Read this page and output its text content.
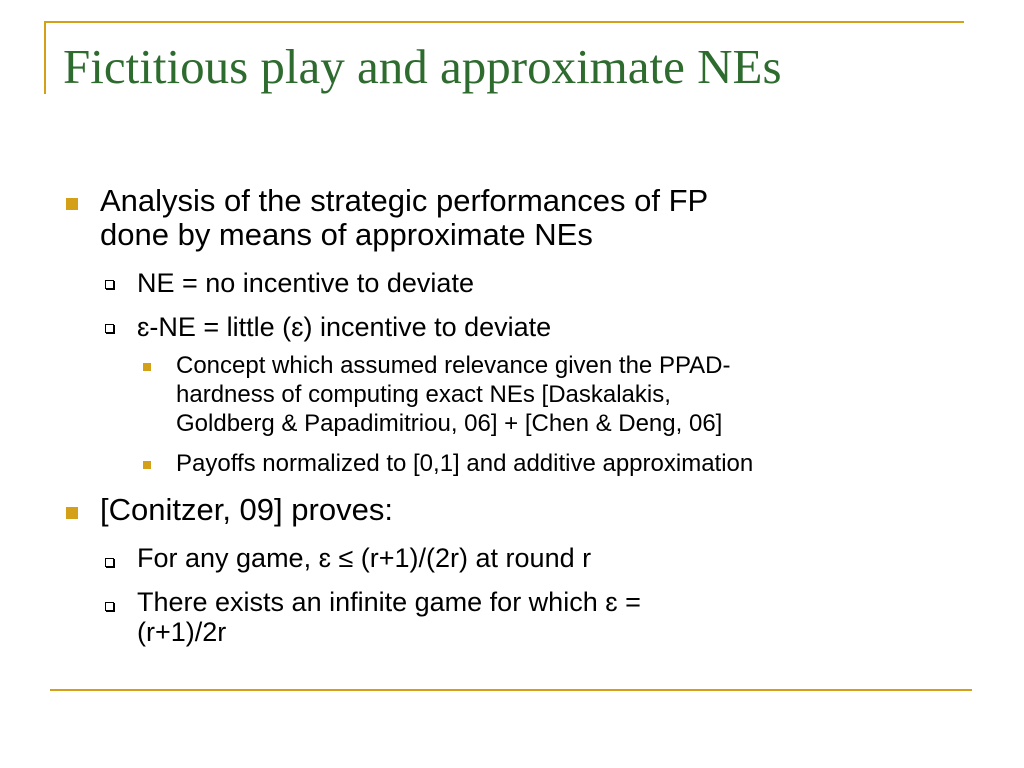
Fictitious play and approximate NEs
Analysis of the strategic performances of FP
done by means of approximate NEs
NE = no incentive to deviate
ɛ-NE = little (ɛ) incentive to deviate
Concept which assumed relevance given the PPAD-
hardness of computing exact NEs [Daskalakis,
Goldberg & Papadimitriou, 06] + [Chen & Deng, 06]
Payoffs normalized to [0,1] and additive approximation
[Conitzer, 09] proves:
For any game, ɛ ≤ (r+1)/(2r) at round r
There exists an infinite game for which ɛ =
(r+1)/2r
